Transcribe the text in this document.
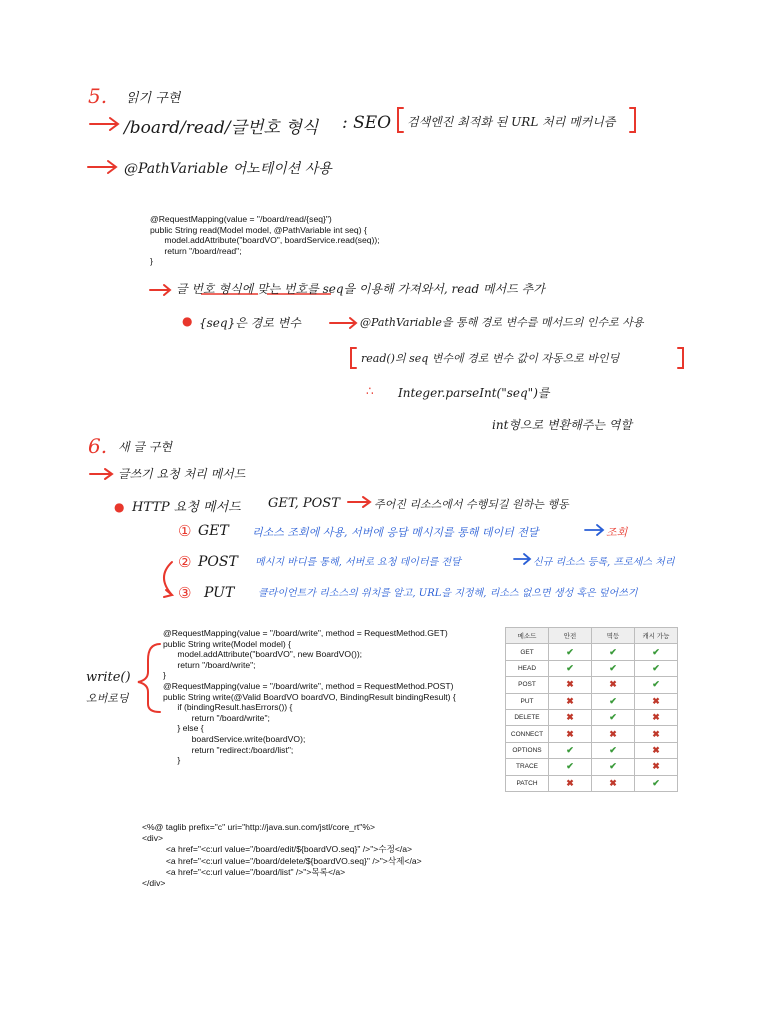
5. 읽기 구현
/board/read/글번호 형식 : SEO 검색엔진 최적화 된 URL 처리 메커니즘
@PathVariable 어노테이션 사용
@RequestMapping(value = "/board/read/{seq}")
public String read(Model model, @PathVariable int seq) {
model.addAttribute("boardVO", boardService.read(seq));
return "/board/read";
}
글 번호 형식에 맞는 번호를 seq을 이용해 가져와서, read 메서드 추가
● {seq}은 경로 변수	@PathVariable을 통해 경로 변수를 메서드의 인수로 사용
read()의 seq 변수에 경로 변수 값이 자동으로 바인딩
∴ Integer.parseInt("seq")를
int형으로 변환해주는 역할
6. 새 글 구현
글쓰기 요청 처리 메서드
● HTTP 요청 메서드 GET, POST	주어진 리소스에서 수행되길 원하는 행동
① GET 리소스 조회에 사용, 서버에 응답 메시지를 통해 데이터 전달	조회
② POST 메시지 바디를 통해, 서버로 요청 데이터를 전달	신규 리소스 등록, 프로세스 처리
③ PUT 클라이언트가 리소스의 위치를 알고, URL을 지정해, 리소스 없으면 생성 혹은 덮어쓰기
write()
오버로딩
@RequestMapping(value = "/board/write", method = RequestMethod.GET)
public String write(Model model) {
model.addAttribute("boardVO", new BoardVO());
return "/board/write";
}
@RequestMapping(value = "/board/write", method = RequestMethod.POST)
public String write(@Valid BoardVO boardVO, BindingResult bindingResult) {
if (bindingResult.hasErrors()) {
return "/board/write";
} else {
boardService.write(boardVO);
return "redirect:/board/list";
}
메소드	안전	멱등	캐시 가능
GET	✔	✔	✔
HEAD	✔	✔	✔
POST	✖	✖	✔
PUT	✖	✔	✖
DELETE	✖	✔	✖
CONNECT	✖	✖	✖
OPTIONS	✔	✔	✖
TRACE	✔	✔	✖
PATCH	✖	✖	✔
<%@ taglib prefix="c" uri="http://java.sun.com/jstl/core_rt"%>
<div>
<a href="<c:url value="/board/edit/${boardVO.seq}" />">수정</a>
<a href="<c:url value="/board/delete/${boardVO.seq}" />">삭제</a>
<a href="<c:url value="/board/list" />">목록</a>
</div>
